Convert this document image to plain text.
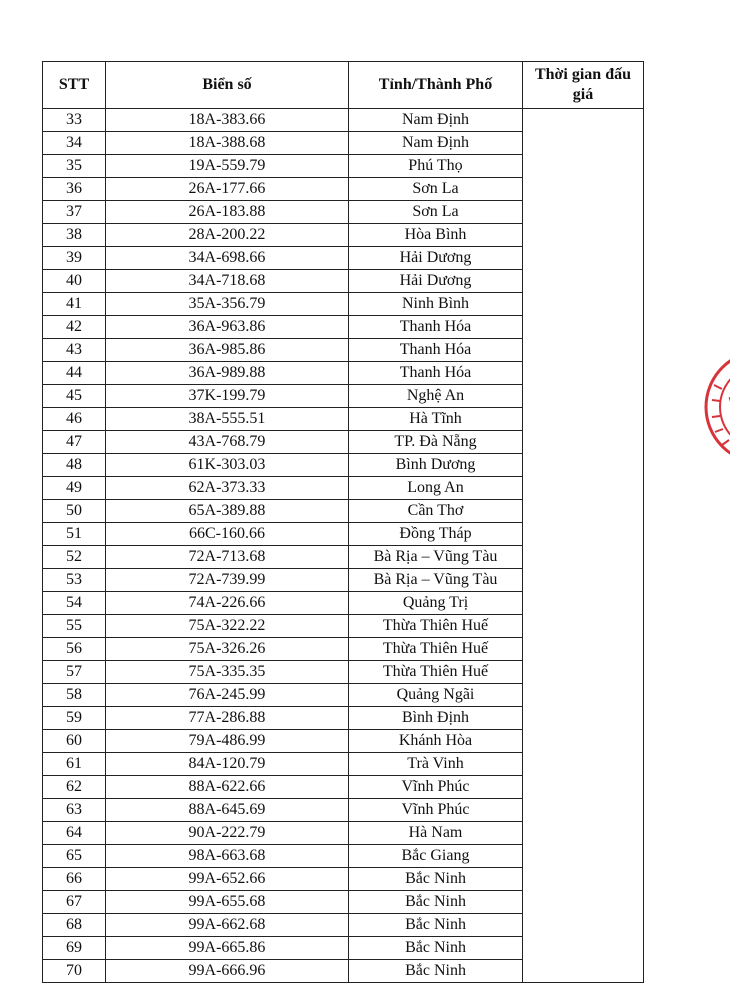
STT	Biển số	Tỉnh/Thành Phố	Thời gian đấu giá
33	18A-383.66	Nam Định	
34	18A-388.68	Nam Định	
35	19A-559.79	Phú Thọ	
36	26A-177.66	Sơn La	
37	26A-183.88	Sơn La	
38	28A-200.22	Hòa Bình	
39	34A-698.66	Hải Dương	
40	34A-718.68	Hải Dương	
41	35A-356.79	Ninh Bình	
42	36A-963.86	Thanh Hóa	
43	36A-985.86	Thanh Hóa	
44	36A-989.88	Thanh Hóa	
45	37K-199.79	Nghệ An	
46	38A-555.51	Hà Tĩnh	
47	43A-768.79	TP. Đà Nẵng	
48	61K-303.03	Bình Dương	
49	62A-373.33	Long An	
50	65A-389.88	Cần Thơ	
51	66C-160.66	Đồng Tháp	
52	72A-713.68	Bà Rịa – Vũng Tàu	
53	72A-739.99	Bà Rịa – Vũng Tàu	
54	74A-226.66	Quảng Trị	
55	75A-322.22	Thừa Thiên Huế	
56	75A-326.26	Thừa Thiên Huế	
57	75A-335.35	Thừa Thiên Huế	
58	76A-245.99	Quảng Ngãi	
59	77A-286.88	Bình Định	
60	79A-486.99	Khánh Hòa	
61	84A-120.79	Trà Vinh	
62	88A-622.66	Vĩnh Phúc	
63	88A-645.69	Vĩnh Phúc	
64	90A-222.79	Hà Nam	
65	98A-663.68	Bắc Giang	
66	99A-652.66	Bắc Ninh	
67	99A-655.68	Bắc Ninh	
68	99A-662.68	Bắc Ninh	
69	99A-665.86	Bắc Ninh	
70	99A-666.96	Bắc Ninh	
